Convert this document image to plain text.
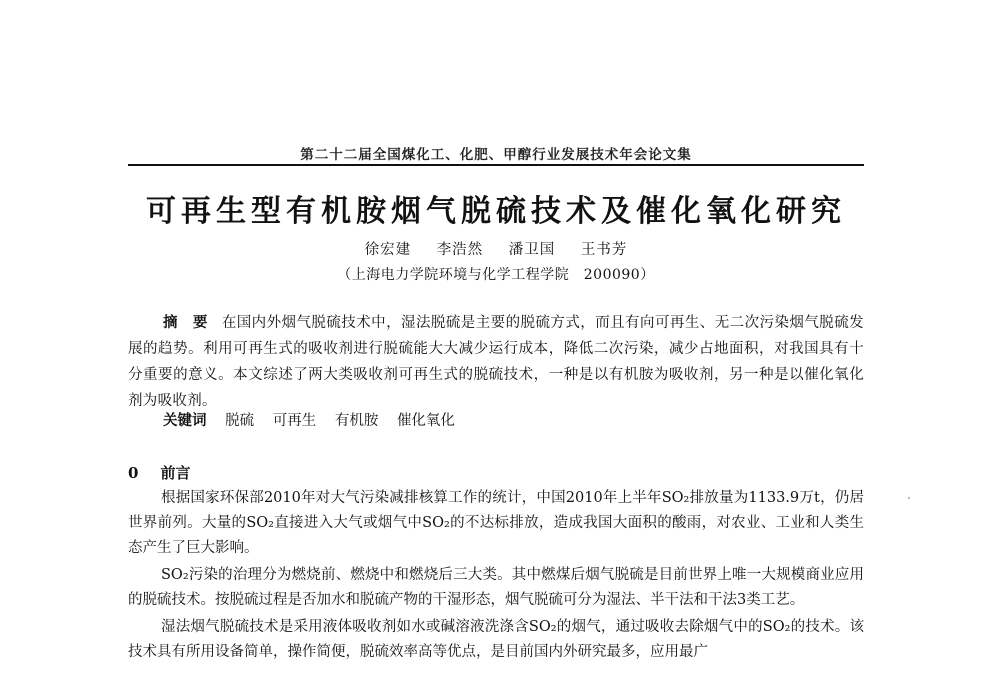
第二十二届全国煤化工、化肥、甲醇行业发展技术年会论文集
可再生型有机胺烟气脱硫技术及催化氧化研究
徐宏建 李浩然 潘卫国 王书芳
（上海电力学院环境与化学工程学院　200090）
摘　要 在国内外烟气脱硫技术中，湿法脱硫是主要的脱硫方式，而且有向可再生、无二次污染烟气脱硫发展的趋势。利用可再生式的吸收剂进行脱硫能大大减少运行成本，降低二次污染，减少占地面积，对我国具有十分重要的意义。本文综述了两大类吸收剂可再生式的脱硫技术，一种是以有机胺为吸收剂，另一种是以催化氧化剂为吸收剂。
关键词 脱硫 可再生 有机胺 催化氧化
0 前言

根据国家环保部2010年对大气污染减排核算工作的统计，中国2010年上半年SO₂排放量为1133.9万t，仍居世界前列。大量的SO₂直接进入大气或烟气中SO₂的不达标排放，造成我国大面积的酸雨，对农业、工业和人类生态产生了巨大影响。

SO₂污染的治理分为燃烧前、燃烧中和燃烧后三大类。其中燃煤后烟气脱硫是目前世界上唯一大规模商业应用的脱硫技术。按脱硫过程是否加水和脱硫产物的干湿形态，烟气脱硫可分为湿法、半干法和干法3类工艺。

湿法烟气脱硫技术是采用液体吸收剂如水或碱溶液洗涤含SO₂的烟气，通过吸收去除烟气中的SO₂的技术。该技术具有所用设备简单，操作简便，脱硫效率高等优点，是目前国内外研究最多，应用最广
